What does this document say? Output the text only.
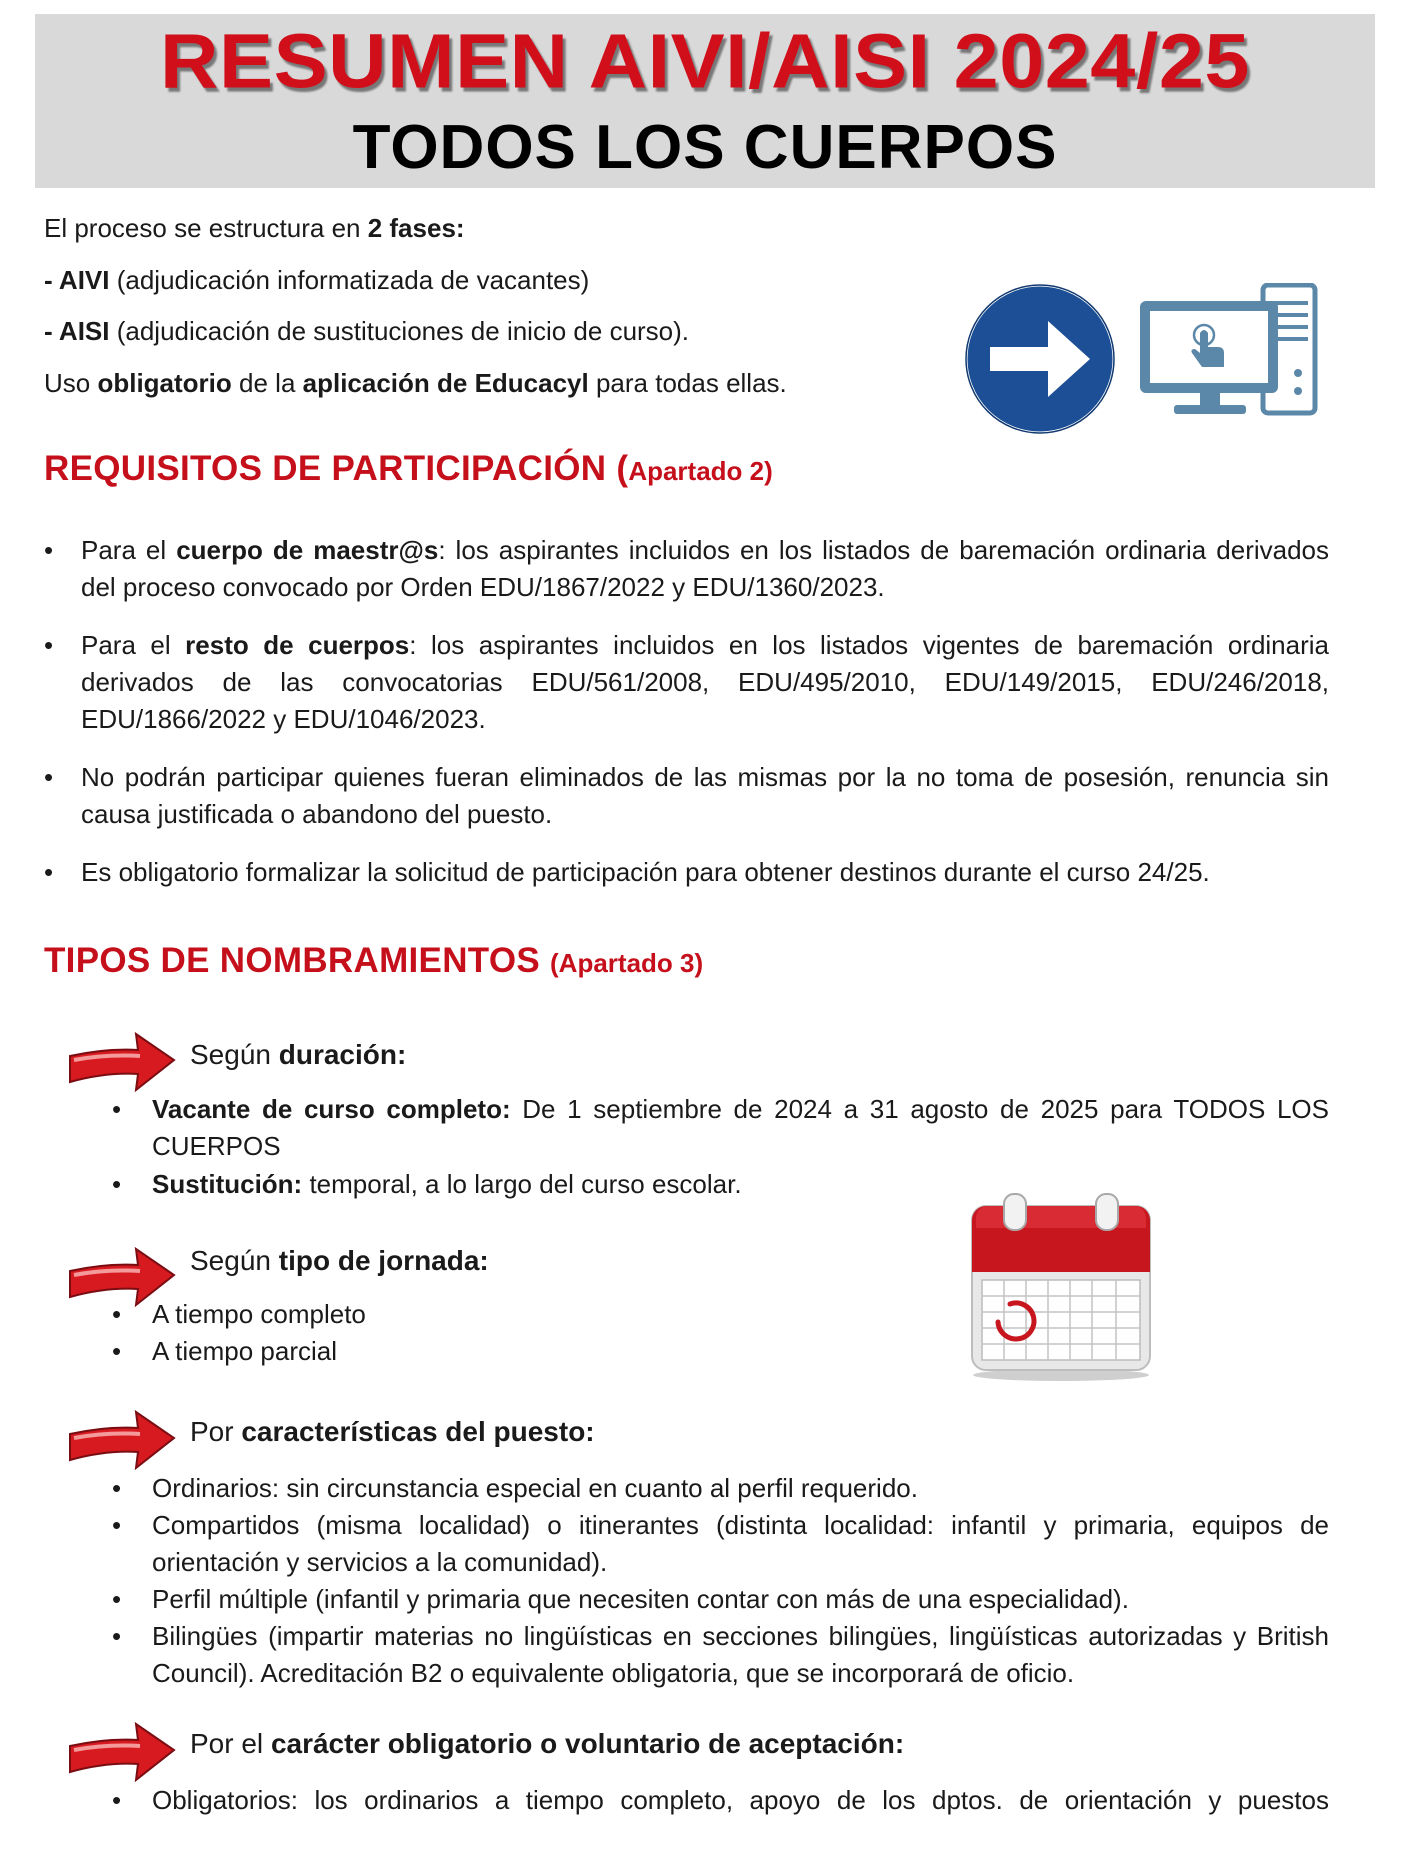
RESUMEN AIVI/AISI 2024/25
TODOS LOS CUERPOS
El proceso se estructura en 2 fases:
- AIVI (adjudicación informatizada de vacantes)
- AISI (adjudicación de sustituciones de inicio de curso).
Uso obligatorio de la aplicación de Educacyl para todas ellas.
REQUISITOS DE PARTICIPACIÓN (Apartado 2)
• Para el cuerpo de maestr@s: los aspirantes incluidos en los listados de baremación ordinaria derivados del proceso convocado por Orden EDU/1867/2022 y EDU/1360/2023.
• Para el resto de cuerpos: los aspirantes incluidos en los listados vigentes de baremación ordinaria derivados de las convocatorias EDU/561/2008, EDU/495/2010, EDU/149/2015, EDU/246/2018, EDU/1866/2022 y EDU/1046/2023.
• No podrán participar quienes fueran eliminados de las mismas por la no toma de posesión, renuncia sin causa justificada o abandono del puesto.
• Es obligatorio formalizar la solicitud de participación para obtener destinos durante el curso 24/25.
TIPOS DE NOMBRAMIENTOS (Apartado 3)
Según duración:
• Vacante de curso completo: De 1 septiembre de 2024 a 31 agosto de 2025 para TODOS LOS CUERPOS
• Sustitución: temporal, a lo largo del curso escolar.
Según tipo de jornada:
• A tiempo completo
• A tiempo parcial
Por características del puesto:
• Ordinarios: sin circunstancia especial en cuanto al perfil requerido.
• Compartidos (misma localidad) o itinerantes (distinta localidad: infantil y primaria, equipos de orientación y servicios a la comunidad).
• Perfil múltiple (infantil y primaria que necesiten contar con más de una especialidad).
• Bilingües (impartir materias no lingüísticas en secciones bilingües, lingüísticas autorizadas y British Council). Acreditación B2 o equivalente obligatoria, que se incorporará de oficio.
Por el carácter obligatorio o voluntario de aceptación:
• Obligatorios: los ordinarios a tiempo completo, apoyo de los dptos. de orientación y puestos
